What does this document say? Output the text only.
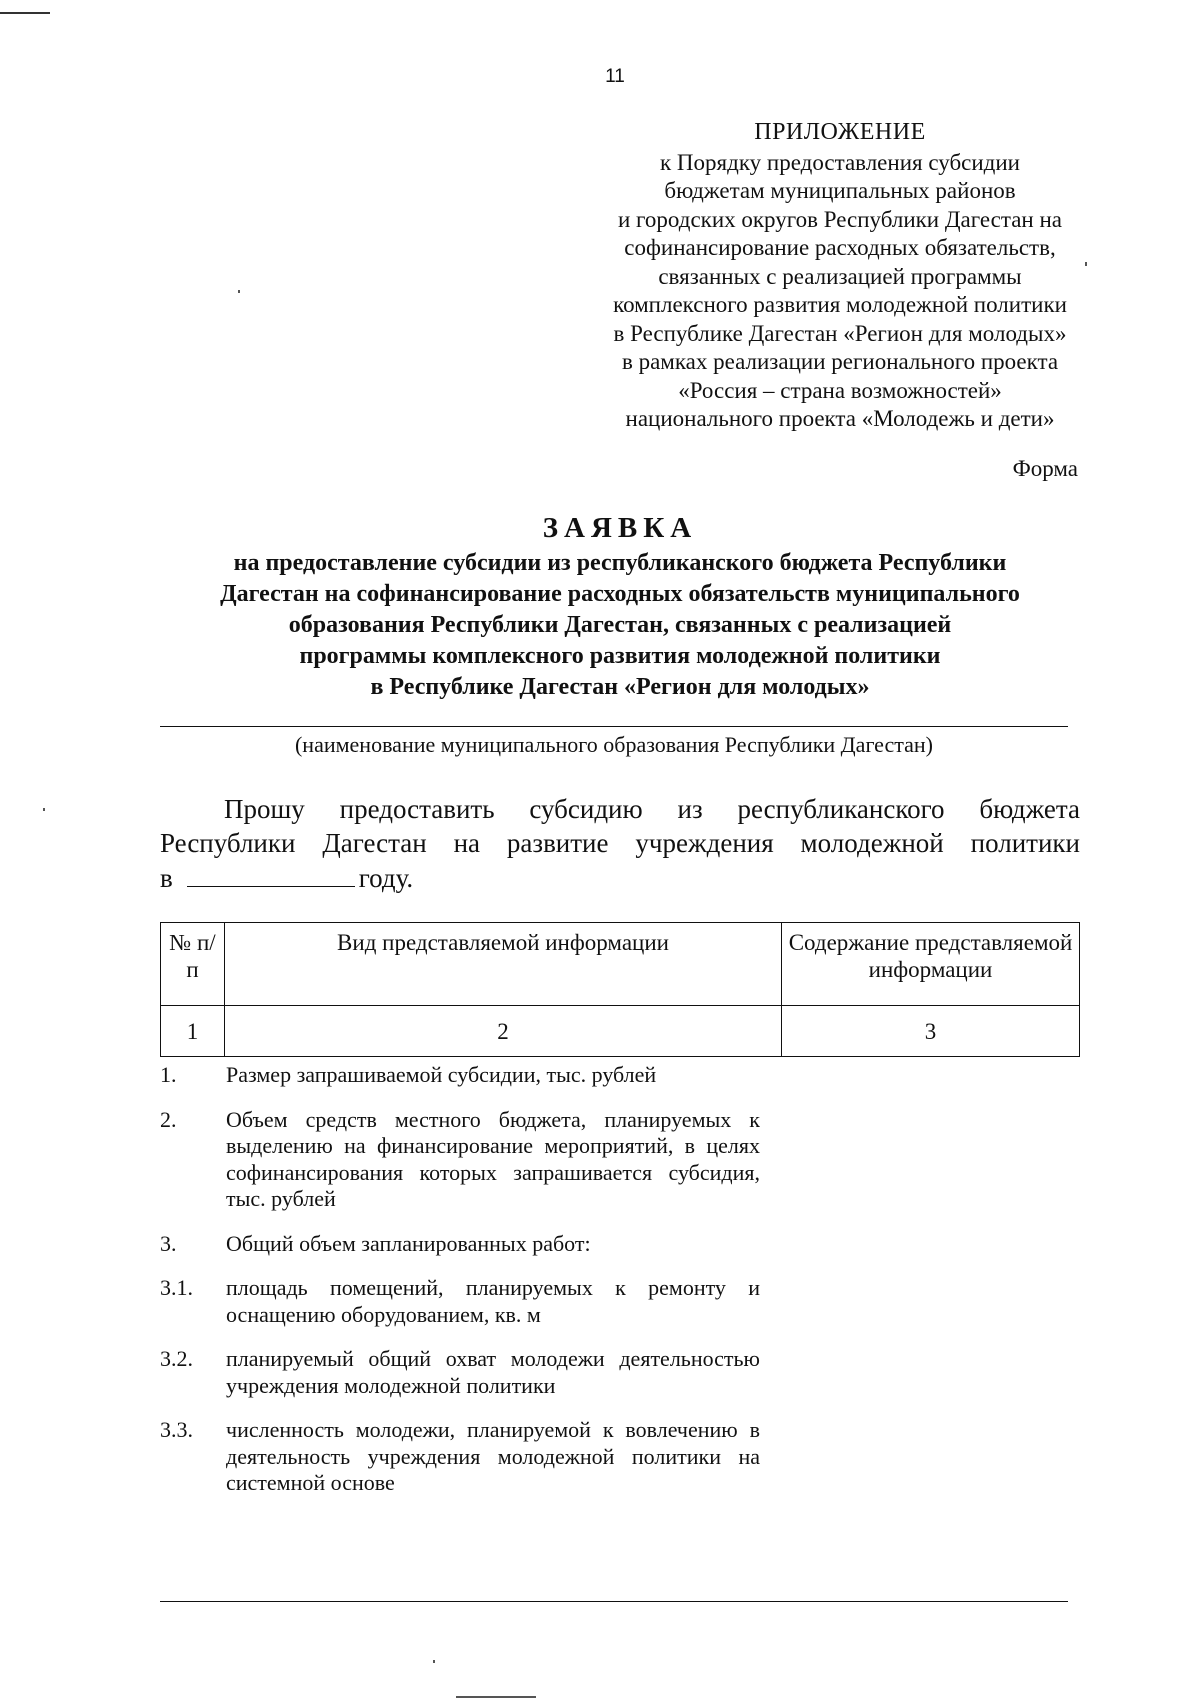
11
ПРИЛОЖЕНИЕ
к Порядку предоставления субсидии
бюджетам муниципальных районов
и городских округов Республики Дагестан на
софинансирование расходных обязательств,
связанных с реализацией программы
комплексного развития молодежной политики
в Республике Дагестан «Регион для молодых»
в рамках реализации регионального проекта
«Россия – страна возможностей»
национального проекта «Молодежь и дети»
Форма
ЗАЯВКА
на предоставление субсидии из республиканского бюджета Республики
Дагестан на софинансирование расходных обязательств муниципального
образования Республики Дагестан, связанных с реализацией
программы комплексного развития молодежной политики
в Республике Дагестан «Регион для молодых»
(наименование муниципального образования Республики Дагестан)
Прошу предоставить субсидию из республиканского бюджета
Республики Дагестан на развитие учреждения молодежной политики
в	году.
№ п/п	Вид представляемой информации	Содержание представляемой информации
1	2	3
1.	Размер запрашиваемой субсидии, тыс. рублей
2.	Объем средств местного бюджета, планируемых к выделению на финансирование мероприятий, в целях софинансирования которых запрашивается субсидия, тыс. рублей
3.	Общий объем запланированных работ:
3.1.	площадь помещений, планируемых к ремонту и оснащению оборудованием, кв. м
3.2.	планируемый общий охват молодежи деятельностью учреждения молодежной политики
3.3.	численность молодежи, планируемой к вовлечению в деятельность учреждения молодежной политики на системной основе
